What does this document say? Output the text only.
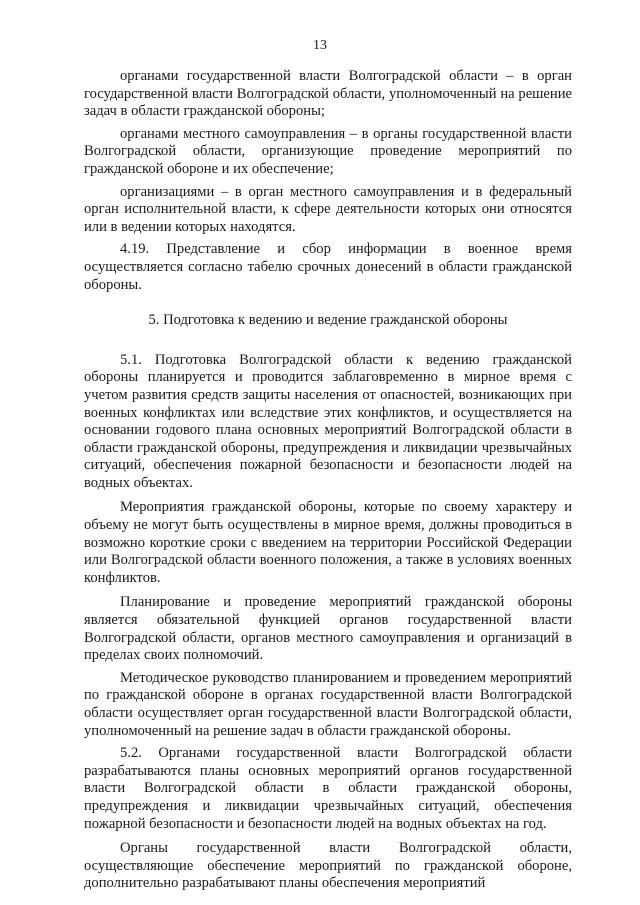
13

органами государственной власти Волгоградской области – в орган государственной власти Волгоградской области, уполномоченный на решение задач в области гражданской обороны;

органами местного самоуправления – в органы государственной власти Волгоградской области, организующие проведение мероприятий по гражданской обороне и их обеспечение;

организациями – в орган местного самоуправления и в федеральный орган исполнительной власти, к сфере деятельности которых они относятся или в ведении которых находятся.

4.19. Представление и сбор информации в военное время осуществляется согласно табелю срочных донесений в области гражданской обороны.

5. Подготовка к ведению и ведение гражданской обороны

5.1. Подготовка Волгоградской области к ведению гражданской обороны планируется и проводится заблаговременно в мирное время с учетом развития средств защиты населения от опасностей, возникающих при военных конфликтах или вследствие этих конфликтов, и осуществляется на основании годового плана основных мероприятий Волгоградской области в области гражданской обороны, предупреждения и ликвидации чрезвычайных ситуаций, обеспечения пожарной безопасности и безопасности людей на водных объектах.

Мероприятия гражданской обороны, которые по своему характеру и объему не могут быть осуществлены в мирное время, должны проводиться в возможно короткие сроки с введением на территории Российской Федерации или Волгоградской области военного положения, а также в условиях военных конфликтов.

Планирование и проведение мероприятий гражданской обороны является обязательной функцией органов государственной власти Волгоградской области, органов местного самоуправления и организаций в пределах своих полномочий.

Методическое руководство планированием и проведением мероприятий по гражданской обороне в органах государственной власти Волгоградской области осуществляет орган государственной власти Волгоградской области, уполномоченный на решение задач в области гражданской обороны.

5.2. Органами государственной власти Волгоградской области разрабатываются планы основных мероприятий органов государственной власти Волгоградской области в области гражданской обороны, предупреждения и ликвидации чрезвычайных ситуаций, обеспечения пожарной безопасности и безопасности людей на водных объектах на год.

Органы государственной власти Волгоградской области, осуществляющие обеспечение мероприятий по гражданской обороне, дополнительно разрабатывают планы обеспечения мероприятий
